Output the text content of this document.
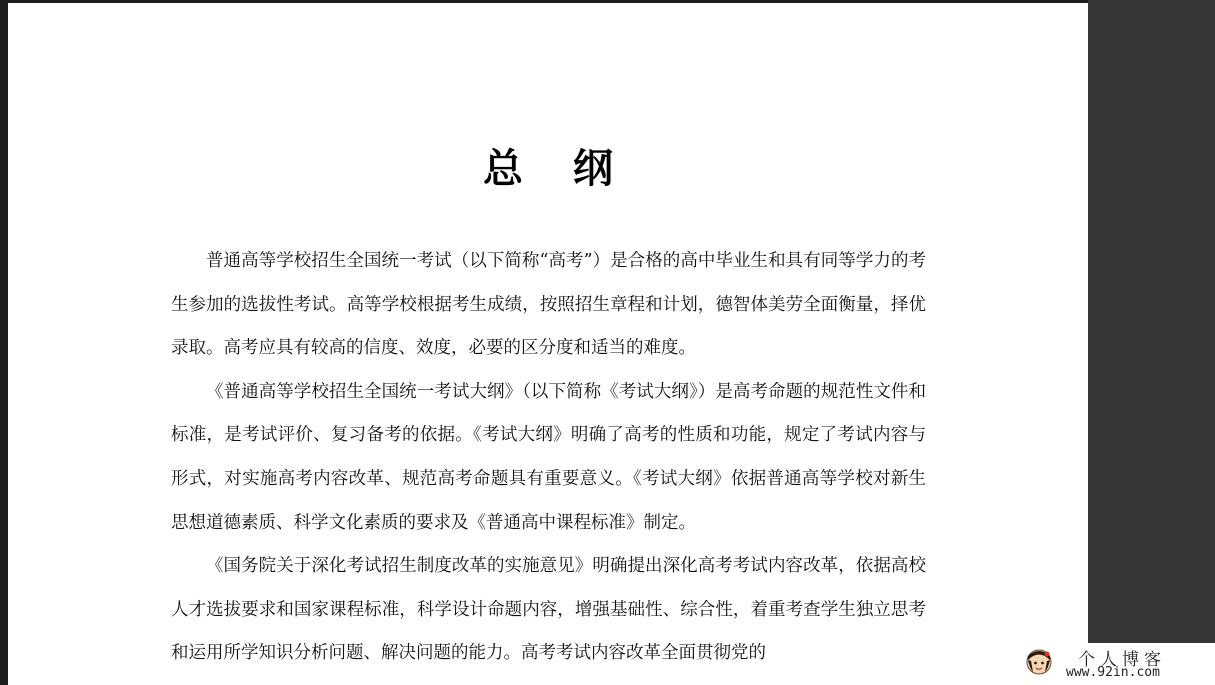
总 纲

普通高等学校招生全国统一考试（以下简称“高考”）是合格的高中毕业生和具有同等学力的考生参加的选拔性考试。高等学校根据考生成绩，按照招生章程和计划，德智体美劳全面衡量，择优录取。高考应具有较高的信度、效度，必要的区分度和适当的难度。

《普通高等学校招生全国统一考试大纲》（以下简称《考试大纲》）是高考命题的规范性文件和标准，是考试评价、复习备考的依据。《考试大纲》明确了高考的性质和功能，规定了考试内容与形式，对实施高考内容改革、规范高考命题具有重要意义。《考试大纲》依据普通高等学校对新生思想道德素质、科学文化素质的要求及《普通高中课程标准》制定。

《国务院关于深化考试招生制度改革的实施意见》明确提出深化高考考试内容改革，依据高校人才选拔要求和国家课程标准，科学设计命题内容，增强基础性、综合性，着重考查学生独立思考和运用所学知识分析问题、解决问题的能力。高考考试内容改革全面贯彻党的	个人博客
www.92in.com
